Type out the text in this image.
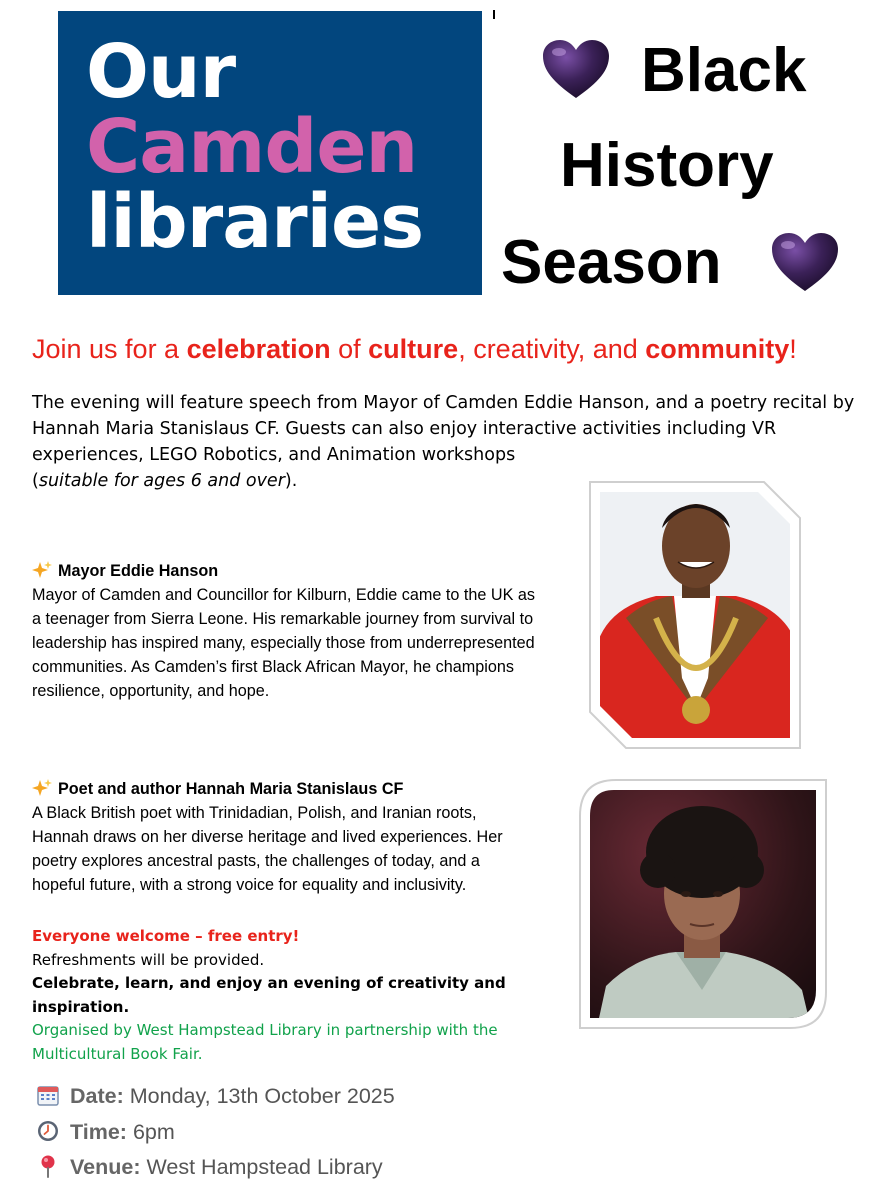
Our
Camden
libraries
Black
History
Season
Join us for a celebration of culture, creativity, and community!
The evening will feature speech from Mayor of Camden Eddie Hanson, and a poetry recital by
Hannah Maria Stanislaus CF. Guests can also enjoy interactive activities including VR
experiences, LEGO Robotics, and Animation workshops
(suitable for ages 6 and over).
Mayor Eddie Hanson
Mayor of Camden and Councillor for Kilburn, Eddie came to the UK as
a teenager from Sierra Leone. His remarkable journey from survival to
leadership has inspired many, especially those from underrepresented
communities. As Camden’s first Black African Mayor, he champions
resilience, opportunity, and hope.
Poet and author Hannah Maria Stanislaus CF
A Black British poet with Trinidadian, Polish, and Iranian roots,
Hannah draws on her diverse heritage and lived experiences. Her
poetry explores ancestral pasts, the challenges of today, and a
hopeful future, with a strong voice for equality and inclusivity.
Everyone welcome – free entry!
Refreshments will be provided.
Celebrate, learn, and enjoy an evening of creativity and
inspiration.
Organised by West Hampstead Library in partnership with the
Multicultural Book Fair.
Date: Monday, 13th October 2025
Time: 6pm
Venue: West Hampstead Library
